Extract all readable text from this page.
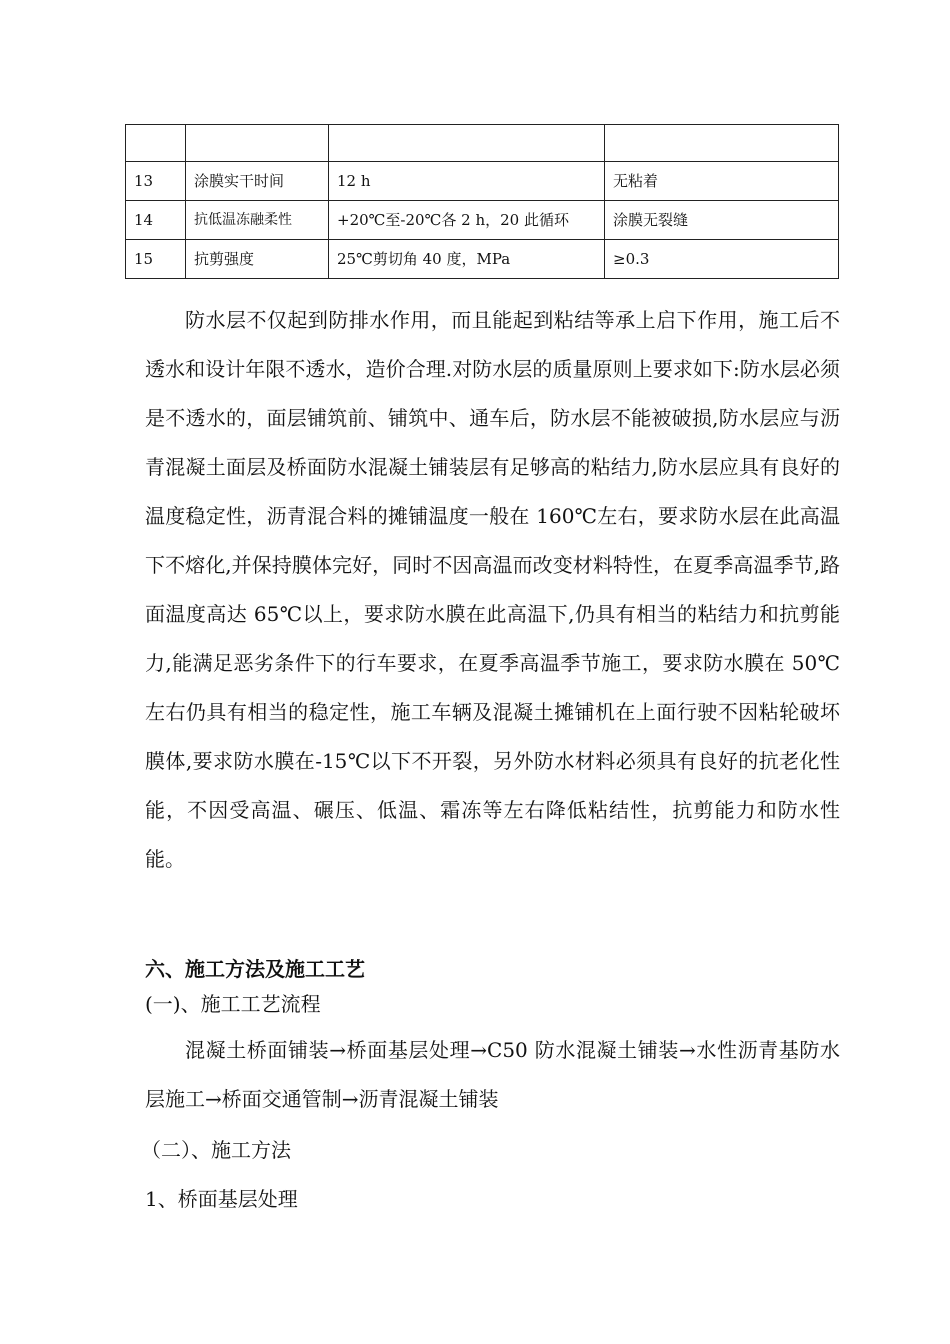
13	涂膜实干时间	12 h	无粘着
14	抗低温冻融柔性	+20℃至-20℃各 2 h，20 此循环	涂膜无裂缝
15	抗剪强度	25℃剪切角 40 度，MPa	≥0.3

防水层不仅起到防排水作用，而且能起到粘结等承上启下作用，施工后不透水和设计年限不透水，造价合理.对防水层的质量原则上要求如下:防水层必须是不透水的，面层铺筑前、铺筑中、通车后，防水层不能被破损,防水层应与沥青混凝土面层及桥面防水混凝土铺装层有足够高的粘结力,防水层应具有良好的温度稳定性，沥青混合料的摊铺温度一般在 160℃左右，要求防水层在此高温下不熔化,并保持膜体完好，同时不因高温而改变材料特性，在夏季高温季节,路面温度高达 65℃以上，要求防水膜在此高温下,仍具有相当的粘结力和抗剪能力,能满足恶劣条件下的行车要求，在夏季高温季节施工，要求防水膜在 50℃左右仍具有相当的稳定性，施工车辆及混凝土摊铺机在上面行驶不因粘轮破坏膜体,要求防水膜在-15℃以下不开裂，另外防水材料必须具有良好的抗老化性能，不因受高温、碾压、低温、霜冻等左右降低粘结性，抗剪能力和防水性能。

六、施工方法及施工工艺

(一)、施工工艺流程

混凝土桥面铺装→桥面基层处理→C50 防水混凝土铺装→水性沥青基防水层施工→桥面交通管制→沥青混凝土铺装

（二）、施工方法

1、桥面基层处理
